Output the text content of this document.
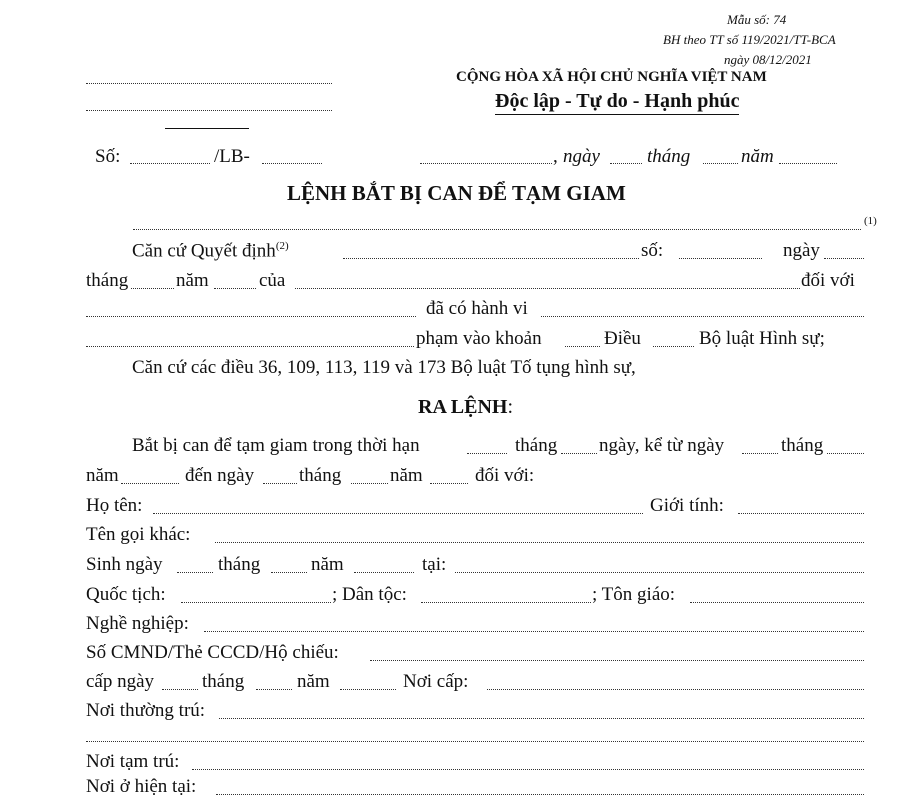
Mẫu số: 74
BH theo TT số 119/2021/TT-BCA
ngày 08/12/2021
CỘNG HÒA XÃ HỘI CHỦ NGHĨA VIỆT NAM
Độc lập - Tự do - Hạnh phúc
Số:	/LB-	, ngày tháng	năm
LỆNH BẮT BỊ CAN ĐỂ TẠM GIAM
(1)
Căn cứ Quyết định$^{(2)}$	số:	ngày
tháng	năm	của	đối với
đã có hành vi
phạm vào khoản	Điều	Bộ luật Hình sự;
Căn cứ các điều 36, 109, 113, 119 và 173 Bộ luật Tố tụng hình sự,
RA LỆNH:
Bắt bị can để tạm giam trong thời hạn	tháng ngày, kể từ ngày	tháng
năm	đến ngày tháng	năm	đối với:
Họ tên:	Giới tính:
Tên gọi khác:
Sinh ngày	tháng	năm	tại:
Quốc tịch:	; Dân tộc:	; Tôn giáo:
Nghề nghiệp:
Số CMND/Thẻ CCCD/Hộ chiếu:
cấp ngày	tháng	năm	Nơi cấp:
Nơi thường trú:
Nơi tạm trú:
Nơi ở hiện tại:
